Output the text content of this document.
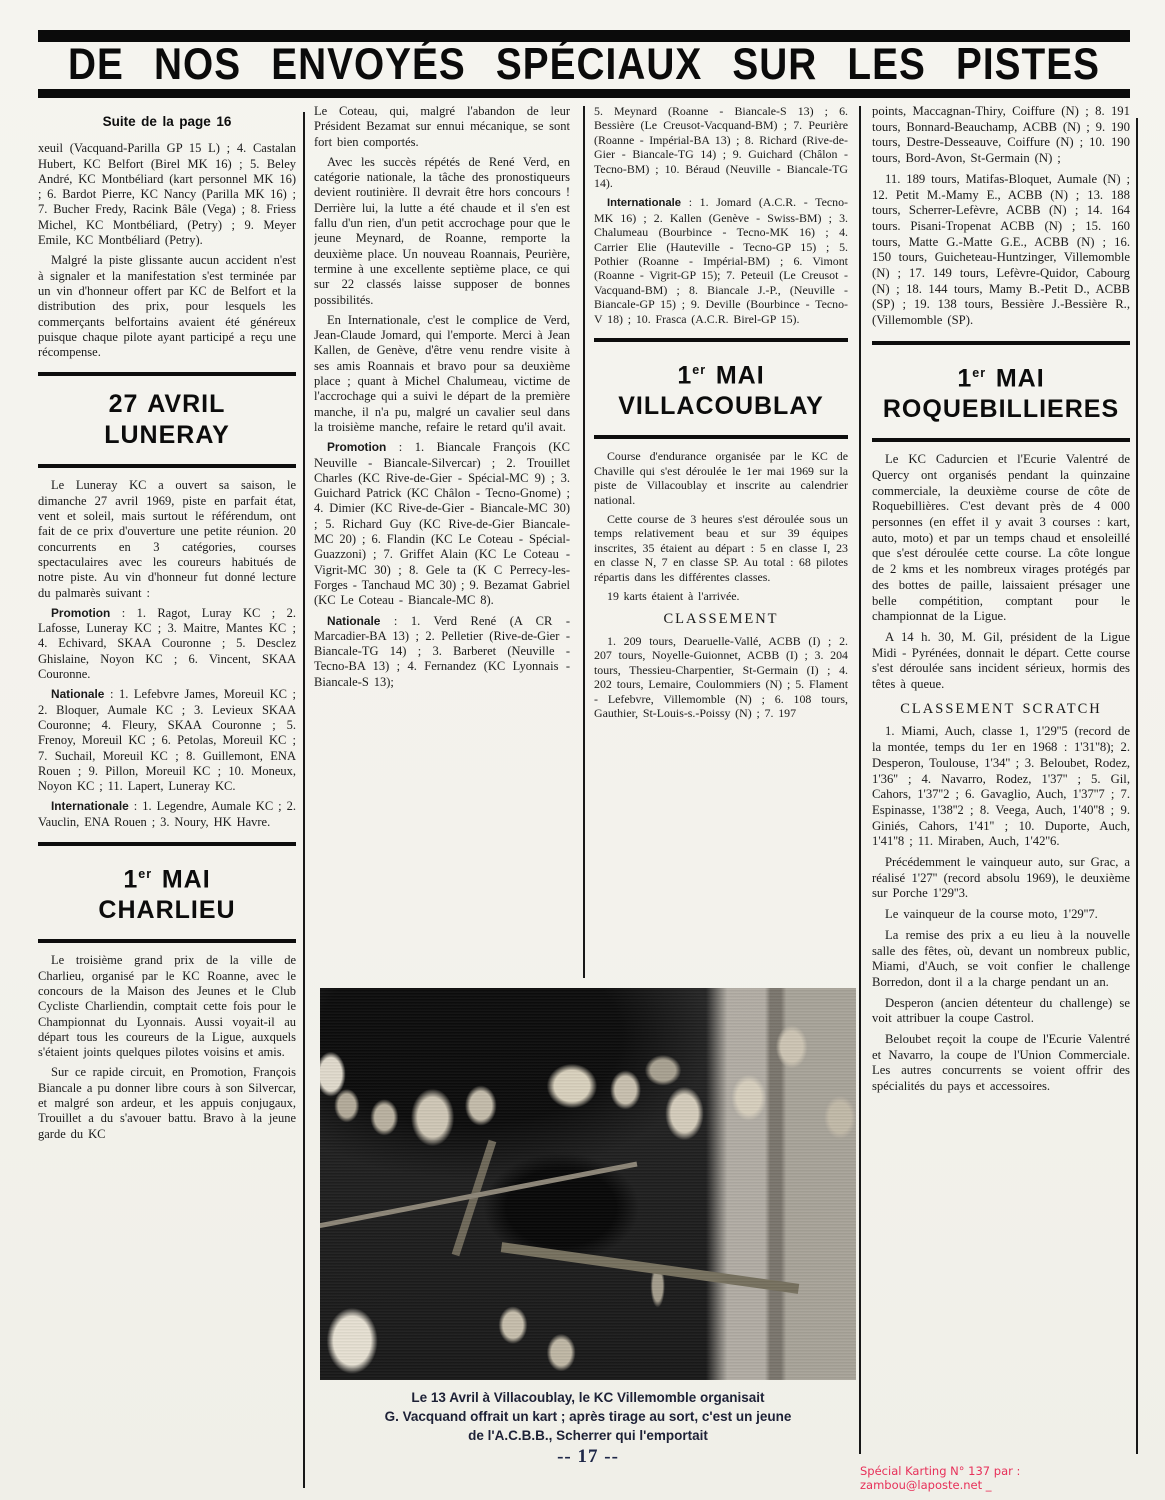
DE NOS ENVOYÉS SPÉCIAUX SUR LES PISTES
Suite de la page 16

xeuil (Vacquand-Parilla GP 15 L) ; 4. Castalan Hubert, KC Belfort (Birel MK 16) ; 5. Beley André, KC Montbéliard (kart personnel MK 16) ; 6. Bardot Pierre, KC Nancy (Parilla MK 16) ; 7. Bucher Fredy, Racink Bâle (Vega) ; 8. Friess Michel, KC Montbéliard, (Petry) ; 9. Meyer Emile, KC Montbéliard (Petry).

Malgré la piste glissante aucun accident n'est à signaler et la manifestation s'est terminée par un vin d'honneur offert par KC de Belfort et la distribution des prix, pour lesquels les commerçants belfortains avaient été généreux puisque chaque pilote ayant participé a reçu une récompense.

27 AVRIL
LUNERAY

Le Luneray KC a ouvert sa saison, le dimanche 27 avril 1969, piste en parfait état, vent et soleil, mais surtout le référendum, ont fait de ce prix d'ouverture une petite réunion. 20 concurrents en 3 catégories, courses spectaculaires avec les coureurs habitués de notre piste. Au vin d'honneur fut donné lecture du palmarès suivant :

Promotion : 1. Ragot, Luray KC ; 2. Lafosse, Luneray KC ; 3. Maitre, Mantes KC ; 4. Echivard, SKAA Couronne ; 5. Desclez Ghislaine, Noyon KC ; 6. Vincent, SKAA Couronne.

Nationale : 1. Lefebvre James, Moreuil KC ; 2. Bloquer, Aumale KC ; 3. Levieux SKAA Couronne; 4. Fleury, SKAA Couronne ; 5. Frenoy, Moreuil KC ; 6. Petolas, Moreuil KC ; 7. Suchail, Moreuil KC ; 8. Guillemont, ENA Rouen ; 9. Pillon, Moreuil KC ; 10. Moneux, Noyon KC ; 11. Lapert, Luneray KC.

Internationale : 1. Legendre, Aumale KC ; 2. Vauclin, ENA Rouen ; 3. Noury, HK Havre.

1er MAI
CHARLIEU

Le troisième grand prix de la ville de Charlieu, organisé par le KC Roanne, avec le concours de la Maison des Jeunes et le Club Cycliste Charliendin, comptait cette fois pour le Championnat du Lyonnais. Aussi voyait-il au départ tous les coureurs de la Ligue, auxquels s'étaient joints quelques pilotes voisins et amis.

Sur ce rapide circuit, en Promotion, François Biancale a pu donner libre cours à son Silvercar, et malgré son ardeur, et les appuis conjugaux, Trouillet a du s'avouer battu. Bravo à la jeune garde du KC

Le Coteau, qui, malgré l'abandon de leur Président Bezamat sur ennui mécanique, se sont fort bien comportés.

Avec les succès répétés de René Verd, en catégorie nationale, la tâche des pronostiqueurs devient routinière. Il devrait être hors concours ! Derrière lui, la lutte a été chaude et il s'en est fallu d'un rien, d'un petit accrochage pour que le jeune Meynard, de Roanne, remporte la deuxième place. Un nouveau Roannais, Peurière, termine à une excellente septième place, ce qui sur 22 classés laisse supposer de bonnes possibilités.

En Internationale, c'est le complice de Verd, Jean-Claude Jomard, qui l'emporte. Merci à Jean Kallen, de Genève, d'être venu rendre visite à ses amis Roannais et bravo pour sa deuxième place ; quant à Michel Chalumeau, victime de l'accrochage qui a suivi le départ de la première manche, il n'a pu, malgré un cavalier seul dans la troisième manche, refaire le retard qu'il avait.

Promotion : 1. Biancale François (KC Neuville - Biancale-Silvercar) ; 2. Trouillet Charles (KC Rive-de-Gier - Spécial-MC 9) ; 3. Guichard Patrick (KC Châlon - Tecno-Gnome) ; 4. Dimier (KC Rive-de-Gier - Biancale-MC 30) ; 5. Richard Guy (KC Rive-de-Gier Biancale-MC 20) ; 6. Flandin (KC Le Coteau - Spécial-Guazzoni) ; 7. Griffet Alain (KC Le Coteau - Vigrit-MC 30) ; 8. Gele ta (K C Perrecy-les-Forges - Tanchaud MC 30) ; 9. Bezamat Gabriel (KC Le Coteau - Biancale-MC 8).

Nationale : 1. Verd René (A CR - Marcadier-BA 13) ; 2. Pelletier (Rive-de-Gier - Biancale-TG 14) ; 3. Barberet (Neuville - Tecno-BA 13) ; 4. Fernandez (KC Lyonnais - Biancale-S 13);

5. Meynard (Roanne - Biancale-S 13) ; 6. Bessière (Le Creusot-Vacquand-BM) ; 7. Peurière (Roanne - Impérial-BA 13) ; 8. Richard (Rive-de-Gier - Biancale-TG 14) ; 9. Guichard (Châlon - Tecno-BM) ; 10. Béraud (Neuville - Biancale-TG 14).

Internationale : 1. Jomard (A.C.R. - Tecno-MK 16) ; 2. Kallen (Genève - Swiss-BM) ; 3. Chalumeau (Bourbince - Tecno-MK 16) ; 4. Carrier Elie (Hauteville - Tecno-GP 15) ; 5. Pothier (Roanne - Impérial-BM) ; 6. Vimont (Roanne - Vigrit-GP 15); 7. Peteuil (Le Creusot - Vacquand-BM) ; 8. Biancale J.-P., (Neuville - Biancale-GP 15) ; 9. Deville (Bourbince - Tecno-V 18) ; 10. Frasca (A.C.R. Birel-GP 15).

1er MAI
VILLACOUBLAY

Course d'endurance organisée par le KC de Chaville qui s'est déroulée le 1er mai 1969 sur la piste de Villacoublay et inscrite au calendrier national.

Cette course de 3 heures s'est déroulée sous un temps relativement beau et sur 39 équipes inscrites, 35 étaient au départ : 5 en classe I, 23 en classe N, 7 en classe SP. Au total : 68 pilotes répartis dans les différentes classes.

19 karts étaient à l'arrivée.

CLASSEMENT

1. 209 tours, Dearuelle-Vallé, ACBB (I) ; 2. 207 tours, Noyelle-Guionnet, ACBB (I) ; 3. 204 tours, Thessieu-Charpentier, St-Germain (I) ; 4. 202 tours, Lemaire, Coulommiers (N) ; 5. Flament - Lefebvre, Villemomble (N) ; 6. 108 tours, Gauthier, St-Louis-s.-Poissy (N) ; 7. 197

points, Maccagnan-Thiry, Coiffure (N) ; 8. 191 tours, Bonnard-Beauchamp, ACBB (N) ; 9. 190 tours, Destre-Desseauve, Coiffure (N) ; 10. 190 tours, Bord-Avon, St-Germain (N) ;

11. 189 tours, Matifas-Bloquet, Aumale (N) ; 12. Petit M.-Mamy E., ACBB (N) ; 13. 188 tours, Scherrer-Lefèvre, ACBB (N) ; 14. 164 tours. Pisani-Tropenat ACBB (N) ; 15. 160 tours, Matte G.-Matte G.E., ACBB (N) ; 16. 150 tours, Guicheteau-Huntzinger, Villemomble (N) ; 17. 149 tours, Lefèvre-Quidor, Cabourg (N) ; 18. 144 tours, Mamy B.-Petit D., ACBB (SP) ; 19. 138 tours, Bessière J.-Bessière R., (Villemomble (SP).

1er MAI
ROQUEBILLIERES

Le KC Cadurcien et l'Ecurie Valentré de Quercy ont organisés pendant la quinzaine commerciale, la deuxième course de côte de Roquebillières. C'est devant près de 4 000 personnes (en effet il y avait 3 courses : kart, auto, moto) et par un temps chaud et ensoleillé que s'est déroulée cette course. La côte longue de 2 kms et les nombreux virages protégés par des bottes de paille, laissaient présager une belle compétition, comptant pour le championnat de la Ligue.

A 14 h. 30, M. Gil, président de la Ligue Midi - Pyrénées, donnait le départ. Cette course s'est déroulée sans incident sérieux, hormis des têtes à queue.

CLASSEMENT SCRATCH

1. Miami, Auch, classe 1, 1'29''5 (record de la montée, temps du 1er en 1968 : 1'31''8); 2. Desperon, Toulouse, 1'34'' ; 3. Beloubet, Rodez, 1'36'' ; 4. Navarro, Rodez, 1'37'' ; 5. Gil, Cahors, 1'37''2 ; 6. Gavaglio, Auch, 1'37''7 ; 7. Espinasse, 1'38''2 ; 8. Veega, Auch, 1'40''8 ; 9. Giniés, Cahors, 1'41'' ; 10. Duporte, Auch, 1'41''8 ; 11. Miraben, Auch, 1'42''6.

Précédemment le vainqueur auto, sur Grac, a réalisé 1'27'' (record absolu 1969), le deuxième sur Porche 1'29''3.

Le vainqueur de la course moto, 1'29''7.

La remise des prix a eu lieu à la nouvelle salle des fêtes, où, devant un nombreux public, Miami, d'Auch, se voit confier le challenge Borredon, dont il a la charge pendant un an.

Desperon (ancien détenteur du challenge) se voit attribuer la coupe Castrol.

Beloubet reçoit la coupe de l'Ecurie Valentré et Navarro, la coupe de l'Union Commerciale. Les autres concurrents se voient offrir des spécialités du pays et accessoires.

Le 13 Avril à Villacoublay, le KC Villemomble organisait
G. Vacquand offrait un kart ; après tirage au sort, c'est un jeune
de l'A.C.B.B., Scherrer qui l'emportait
-- 17 --
Spécial Karting N° 137 par : zambou@laposte.net _
